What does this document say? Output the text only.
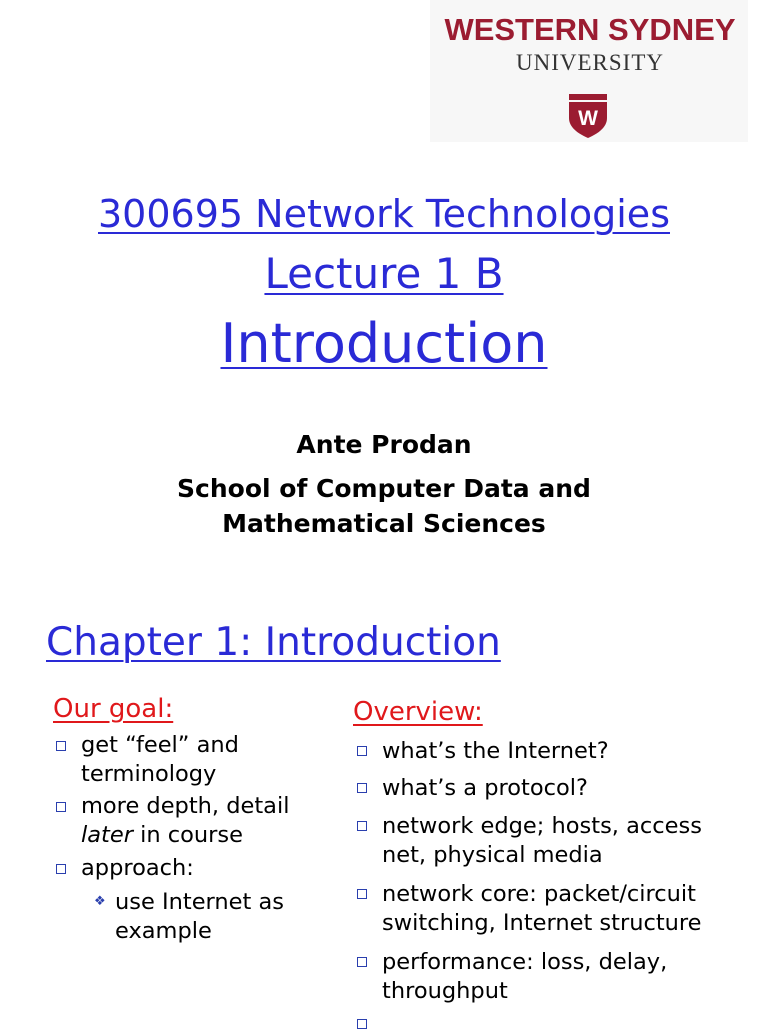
WESTERN SYDNEY
UNIVERSITY
W
300695 Network Technologies
Lecture 1 B
Introduction
Ante Prodan
School of Computer Data and
Mathematical Sciences
Chapter 1: Introduction
Our goal:
get “feel” and
terminology
more depth, detail
later in course
approach:
❖ use Internet as
example
Overview:
what’s the Internet?
what’s a protocol?
network edge; hosts, access
net, physical media
network core: packet/circuit
switching, Internet structure
performance: loss, delay,
throughput
